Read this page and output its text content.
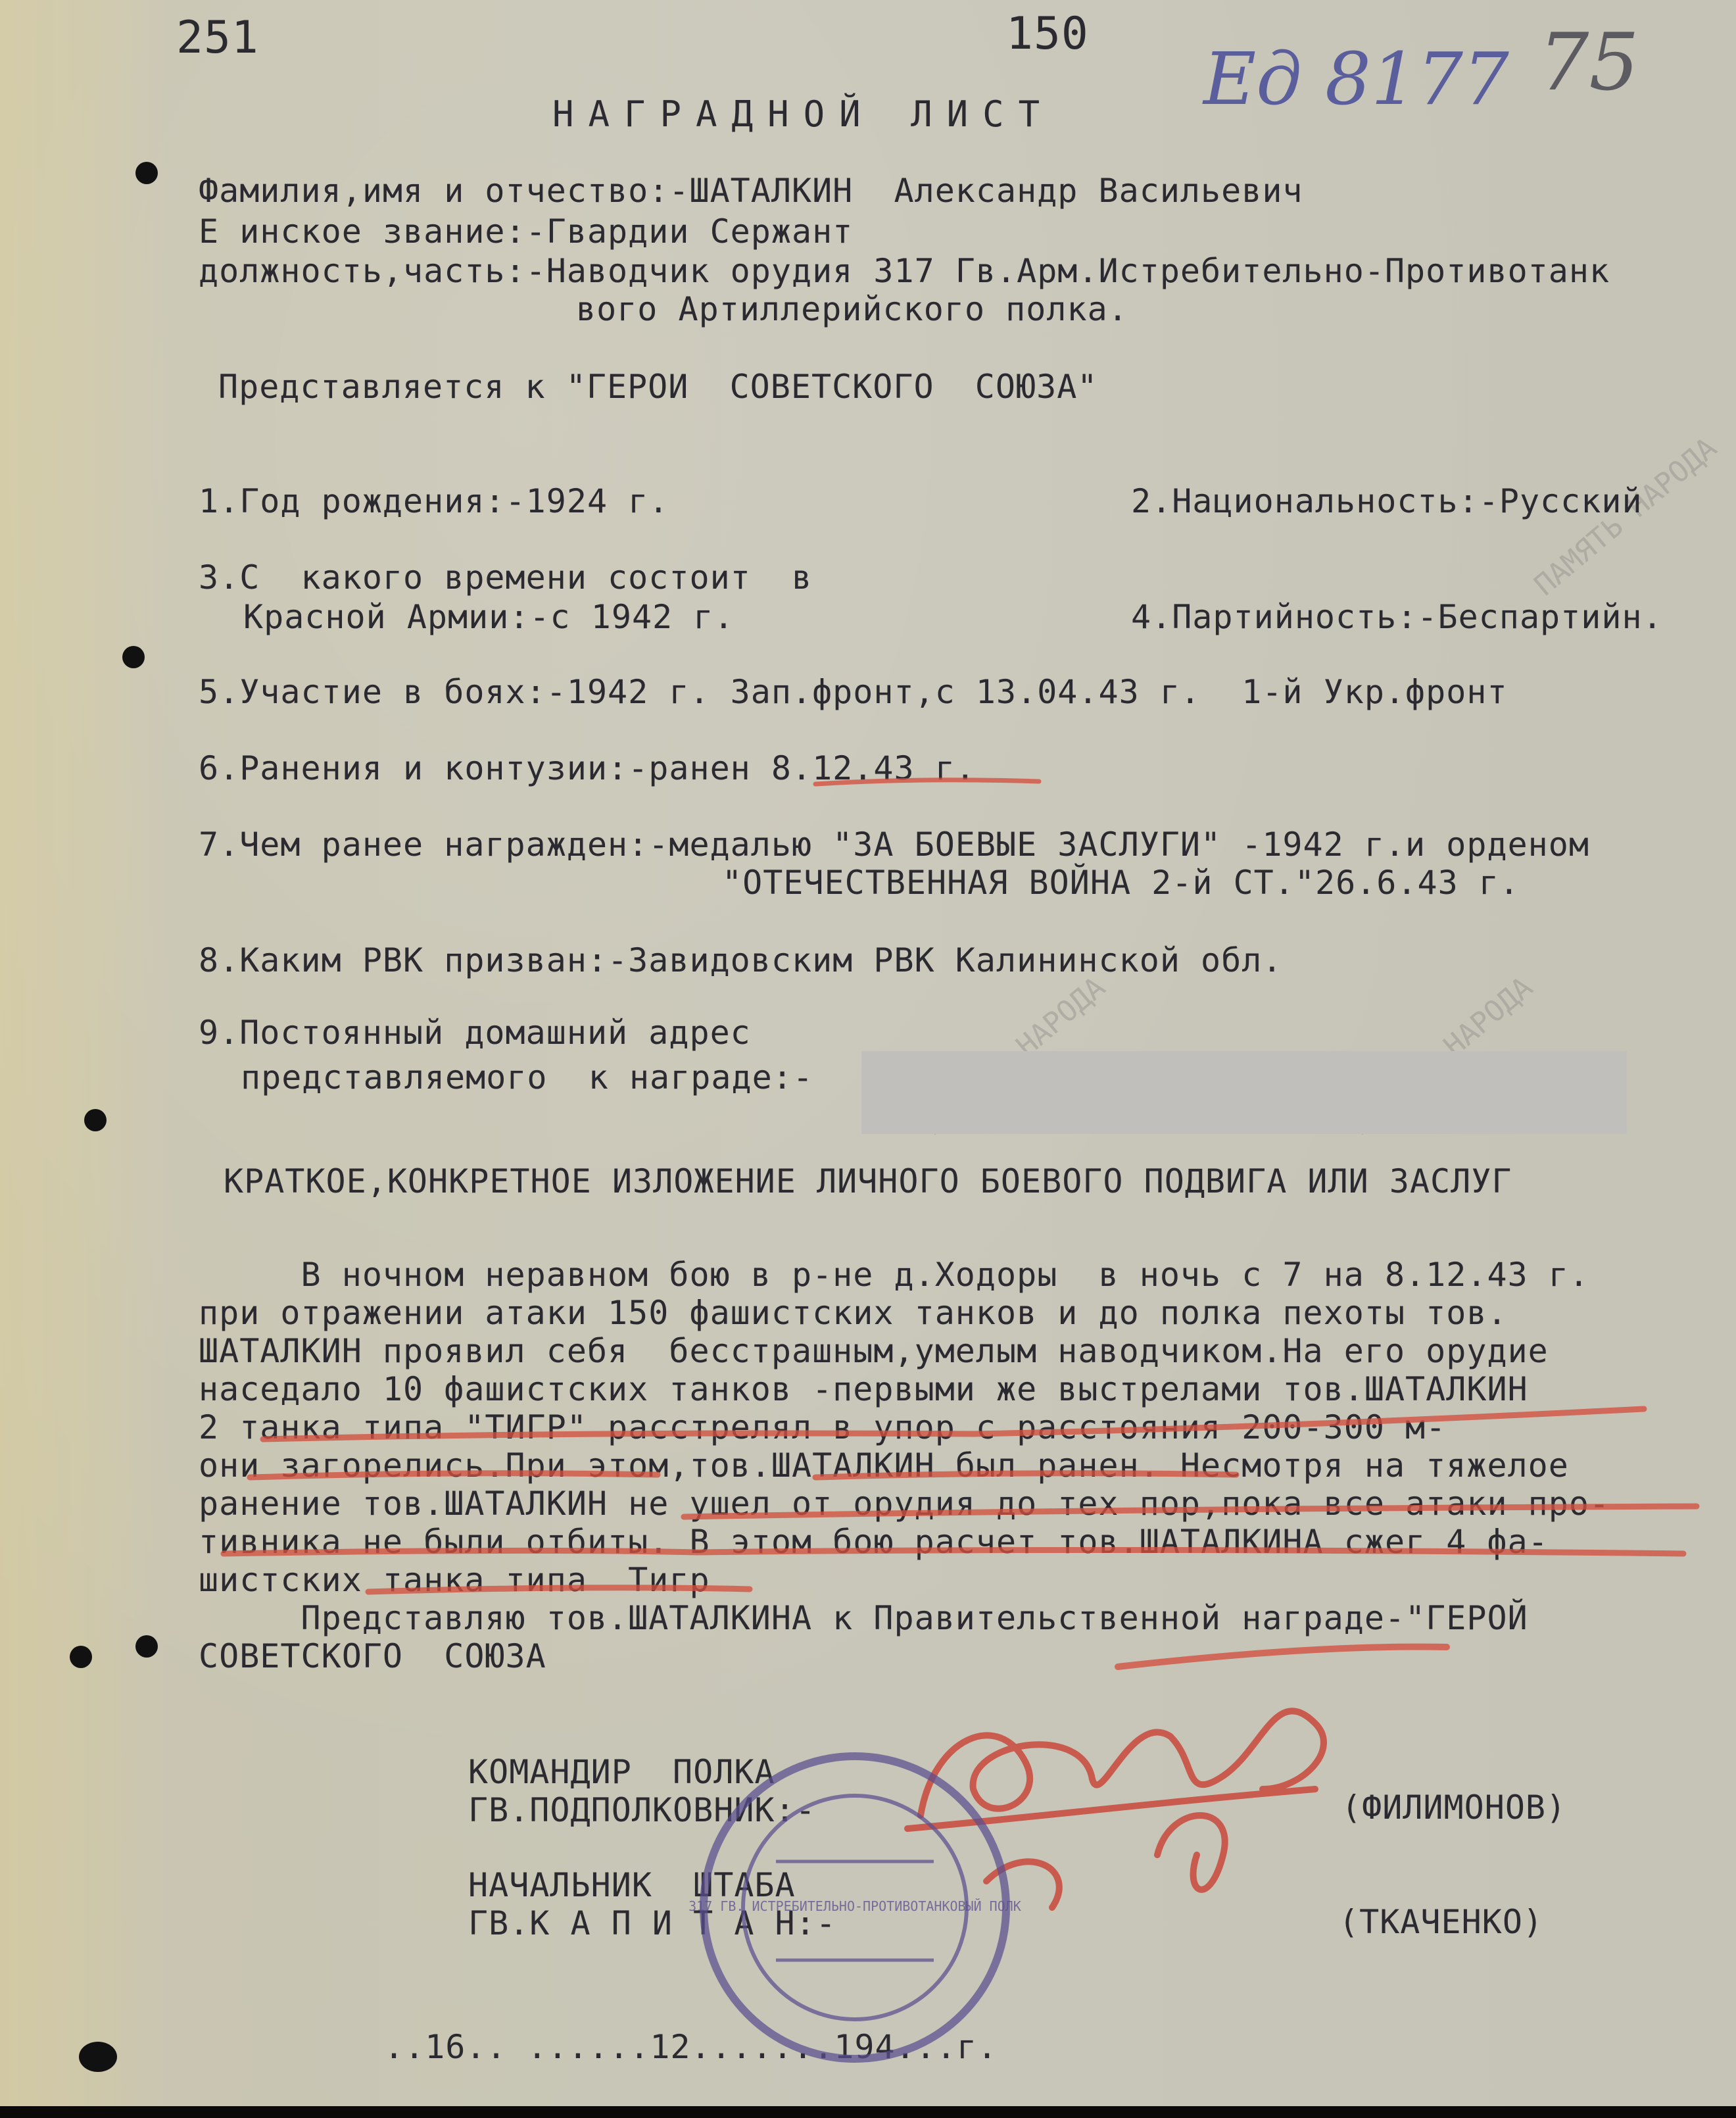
ПАМЯТЬ НАРОДА
251	150
НАГРАДНОЙ ЛИСТ Ед 8177 75
Фамилия,имя и отчество:-ШАТАЛКИН  Александр Васильевич
Е инское звание:-Гвардии Сержант
должность,часть:-Наводчик орудия 317 Гв.Арм.Истребительно-Противотанк
вого Артиллерийского полка.
Представляется к "ГЕРОИ  СОВЕТСКОГО  СОЮЗА"
1.Год рождения:-1924 г.	2.Национальность:-Русский
3.С  какого времени состоит  в
Красной Армии:-с 1942 г.	4.Партийность:-Беспартийн.
5.Участие в боях:-1942 г. Зап.фронт,с 13.04.43 г.  1-й Укр.фронт
6.Ранения и контузии:-ранен 8.12.43 г.
7.Чем ранее награжден:-медалью "ЗА БОЕВЫЕ ЗАСЛУГИ" -1942 г.и орденом
"ОТЕЧЕСТВЕННАЯ ВОЙНА 2-й СТ."26.6.43 г.
8.Каким РВК призван:-Завидовским РВК Калининской обл.
9.Постоянный домашний адрес
представляемого  к награде:-
КРАТКОЕ,КОНКРЕТНОЕ ИЗЛОЖЕНИЕ ЛИЧНОГО БОЕВОГО ПОДВИГА ИЛИ ЗАСЛУГ
В ночном неравном бою в р-не д.Ходоры  в ночь с 7 на 8.12.43 г.
при отражении атаки 150 фашистских танков и до полка пехоты тов.
ШАТАЛКИН проявил себя  бесстрашным,умелым наводчиком.На его орудие
наседало 10 фашистских танков -первыми же выстрелами тов.ШАТАЛКИН
2 танка типа "ТИГР" расстрелял в упор с расстояния 200-300 м-
они загорелись.При этом,тов.ШАТАЛКИН был ранен. Несмотря на тяжелое
ранение тов.ШАТАЛКИН не ушел от орудия до тех пор,пока все атаки про-
тивника не были отбиты. В этом бою расчет тов.ШАТАЛКИНА сжег 4 фа-
шистских танка типа  Тигр
Представляю тов.ШАТАЛКИНА к Правительственной награде-"ГЕРОЙ
СОВЕТСКОГО  СОЮЗА
КОМАНДИР  ПОЛКА
ГВ.ПОДПОЛКОВНИК:-	(ФИЛИМОНОВ)
НАЧАЛЬНИК  ШТАБА
ГВ.К А П И Т А Н:-	(ТКАЧЕНКО)
..16.. ......12.......194...г.
317 ГВ. ИСТРЕБИТЕЛЬНО-ПРОТИВОТАНКОВЫЙ ПОЛК
